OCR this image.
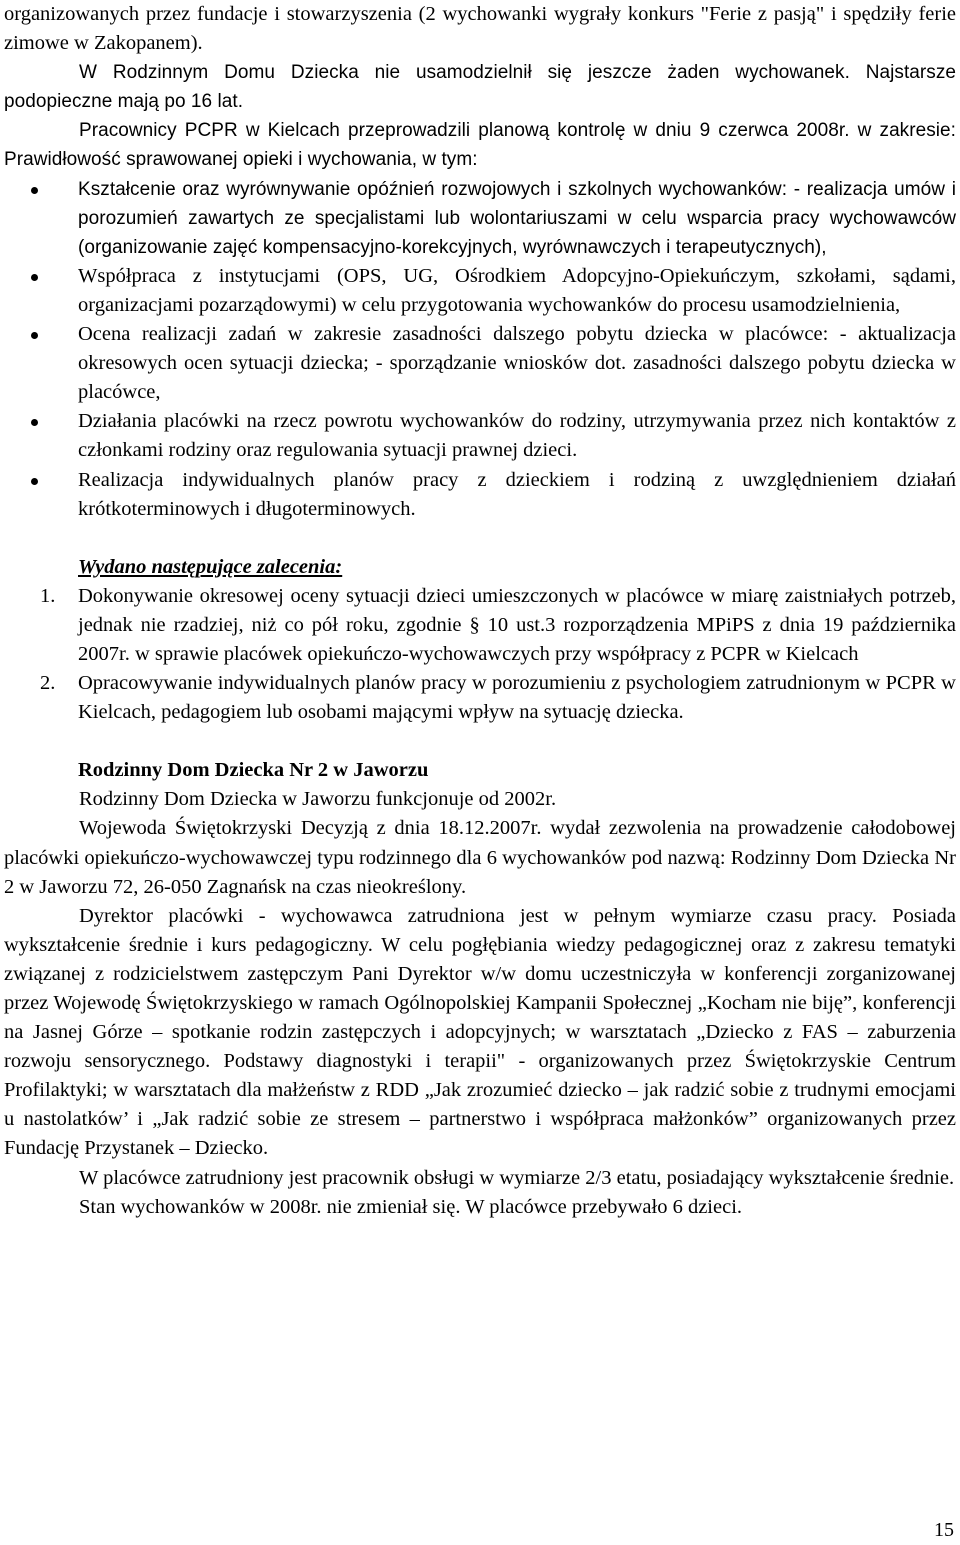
organizowanych przez fundacje i stowarzyszenia (2 wychowanki wygrały konkurs "Ferie z pasją" i spędziły ferie zimowe w Zakopanem).

W Rodzinnym Domu Dziecka nie usamodzielnił się jeszcze żaden wychowanek. Najstarsze podopieczne mają po 16 lat.

Pracownicy PCPR w Kielcach przeprowadzili planową kontrolę w dniu 9 czerwca 2008r. w zakresie: Prawidłowość sprawowanej opieki i wychowania, w tym:

Kształcenie oraz wyrównywanie opóźnień rozwojowych i szkolnych wychowanków: - realizacja umów i porozumień zawartych ze specjalistami lub wolontariuszami w celu wsparcia pracy wychowawców (organizowanie zajęć kompensacyjno-korekcyjnych, wyrównawczych i terapeutycznych),
Współpraca z instytucjami (OPS, UG, Ośrodkiem Adopcyjno-Opiekuńczym, szkołami, sądami, organizacjami pozarządowymi) w celu przygotowania wychowanków do procesu usamodzielnienia,
Ocena realizacji zadań w zakresie zasadności dalszego pobytu dziecka w placówce: - aktualizacja okresowych ocen sytuacji dziecka; - sporządzanie wniosków dot. zasadności dalszego pobytu dziecka w placówce,
Działania placówki na rzecz powrotu wychowanków do rodziny, utrzymywania przez nich kontaktów z członkami rodziny oraz regulowania sytuacji prawnej dzieci.
Realizacja indywidualnych planów pracy z dzieckiem i rodziną z uwzględnieniem działań krótkoterminowych i długoterminowych.

Wydano następujące zalecenia:

1. Dokonywanie okresowej oceny sytuacji dzieci umieszczonych w placówce w miarę zaistniałych potrzeb, jednak nie rzadziej, niż co pół roku, zgodnie § 10 ust.3 rozporządzenia MPiPS z dnia 19 października 2007r. w sprawie placówek opiekuńczo-wychowawczych przy współpracy z PCPR w Kielcach
2. Opracowywanie indywidualnych planów pracy w porozumieniu z psychologiem zatrudnionym w PCPR w Kielcach, pedagogiem lub osobami mającymi wpływ na sytuację dziecka.

Rodzinny Dom Dziecka Nr 2 w Jaworzu

Rodzinny Dom Dziecka w Jaworzu funkcjonuje od 2002r.

Wojewoda Świętokrzyski Decyzją z dnia 18.12.2007r. wydał zezwolenia na prowadzenie całodobowej placówki opiekuńczo-wychowawczej typu rodzinnego dla 6 wychowanków pod nazwą: Rodzinny Dom Dziecka Nr 2 w Jaworzu 72, 26-050 Zagnańsk na czas nieokreślony.

Dyrektor placówki - wychowawca zatrudniona jest w pełnym wymiarze czasu pracy. Posiada wykształcenie średnie i kurs pedagogiczny. W celu pogłębiania wiedzy pedagogicznej oraz z zakresu tematyki związanej z rodzicielstwem zastępczym Pani Dyrektor w/w domu uczestniczyła w konferencji zorganizowanej przez Wojewodę Świętokrzyskiego w ramach Ogólnopolskiej Kampanii Społecznej „Kocham nie biję”, konferencji na Jasnej Górze – spotkanie rodzin zastępczych i adopcyjnych; w warsztatach „Dziecko z FAS – zaburzenia rozwoju sensorycznego. Podstawy diagnostyki i terapii" - organizowanych przez Świętokrzyskie Centrum Profilaktyki; w warsztatach dla małżeństw z RDD „Jak zrozumieć dziecko – jak radzić sobie z trudnymi emocjami u nastolatków’ i „Jak radzić sobie ze stresem – partnerstwo i współpraca małżonków” organizowanych przez Fundację Przystanek – Dziecko.

W placówce zatrudniony jest pracownik obsługi w wymiarze 2/3 etatu, posiadający wykształcenie średnie.

Stan wychowanków w 2008r. nie zmieniał się. W placówce przebywało 6 dzieci.

15
